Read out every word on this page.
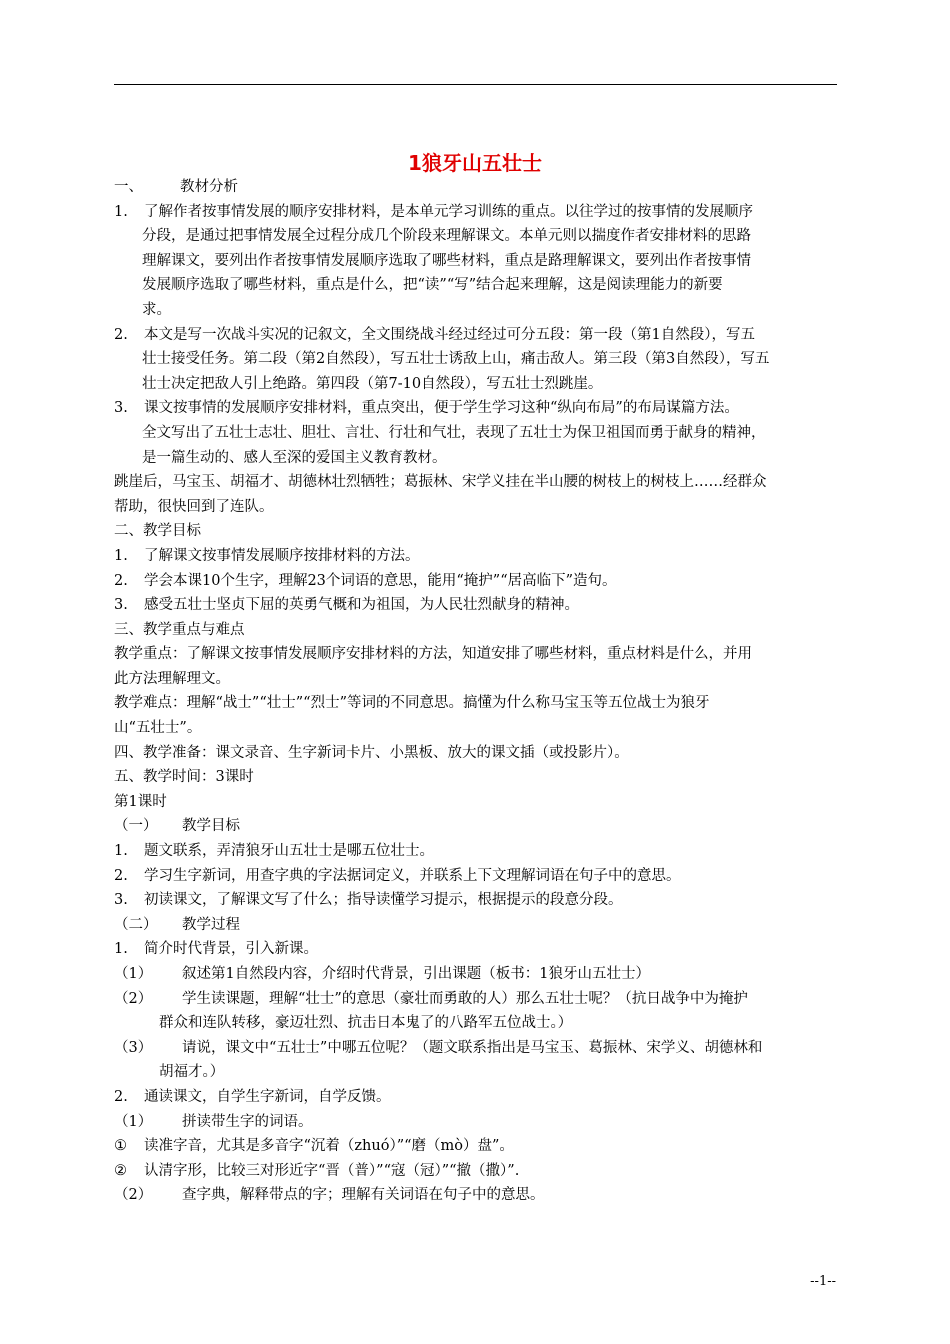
1狼牙山五壮士
一、	教材分析
1. 了解作者按事情发展的顺序安排材料，是本单元学习训练的重点。以往学过的按事情的发展顺序
分段，是通过把事情发展全过程分成几个阶段来理解课文。本单元则以揣度作者安排材料的思路
理解课文，要列出作者按事情发展顺序选取了哪些材料，重点是路理解课文，要列出作者按事情
发展顺序选取了哪些材料，重点是什么，把“读”“写”结合起来理解，这是阅读理能力的新要
求。
2. 本文是写一次战斗实况的记叙文，全文围绕战斗经过经过可分五段：第一段（第1自然段），写五
壮士接受任务。第二段（第2自然段），写五壮士诱敌上山，痛击敌人。第三段（第3自然段），写五
壮士决定把敌人引上绝路。第四段（第7-10自然段），写五壮士烈跳崖。
3. 课文按事情的发展顺序安排材料，重点突出，便于学生学习这种“纵向布局”的布局谋篇方法。
全文写出了五壮士志壮、胆壮、言壮、行壮和气壮，表现了五壮士为保卫祖国而勇于献身的精神，
是一篇生动的、感人至深的爱国主义教育教材。
跳崖后，马宝玉、胡福才、胡德林壮烈牺牲；葛振林、宋学义挂在半山腰的树枝上的树枝上……经群众
帮助，很快回到了连队。
二、教学目标
1. 了解课文按事情发展顺序按排材料的方法。
2. 学会本课10个生字，理解23个词语的意思，能用“掩护”“居高临下”造句。
3. 感受五壮士坚贞下屈的英勇气概和为祖国，为人民壮烈献身的精神。
三、教学重点与难点
教学重点：了解课文按事情发展顺序安排材料的方法，知道安排了哪些材料，重点材料是什么，并用
此方法理解理文。
教学难点：理解“战士”“壮士”“烈士”等词的不同意思。搞懂为什么称马宝玉等五位战士为狼牙
山“五壮士”。
四、教学准备：课文录音、生字新词卡片、小黑板、放大的课文插（或投影片）。
五、教学时间：3课时
第1课时
（一） 教学目标
1. 题文联系，弄清狼牙山五壮士是哪五位壮士。
2. 学习生字新词，用查字典的字法据词定义，并联系上下文理解词语在句子中的意思。
3. 初读课文，了解课文写了什么；指导读懂学习提示，根据提示的段意分段。
（二） 教学过程
1. 简介时代背景，引入新课。
（1） 叙述第1自然段内容，介绍时代背景，引出课题（板书：1狼牙山五壮士）
（2） 学生读课题，理解“壮士”的意思（豪壮而勇敢的人）那么五壮士呢？（抗日战争中为掩护
群众和连队转移，豪迈壮烈、抗击日本鬼了的八路军五位战士。）
（3） 请说，课文中“五壮士”中哪五位呢？（题文联系指出是马宝玉、葛振林、宋学义、胡德林和
胡福才。）
2. 通读课文，自学生字新词，自学反馈。
（1） 拼读带生字的词语。
① 读准字音，尤其是多音字“沉着（zhuó）”“磨（mò）盘”。
② 认清字形，比较三对形近字“晋（普）”“寇（冠）”“撤（撒）”.
（2） 查字典，解释带点的字；理解有关词语在句子中的意思。
--1--
